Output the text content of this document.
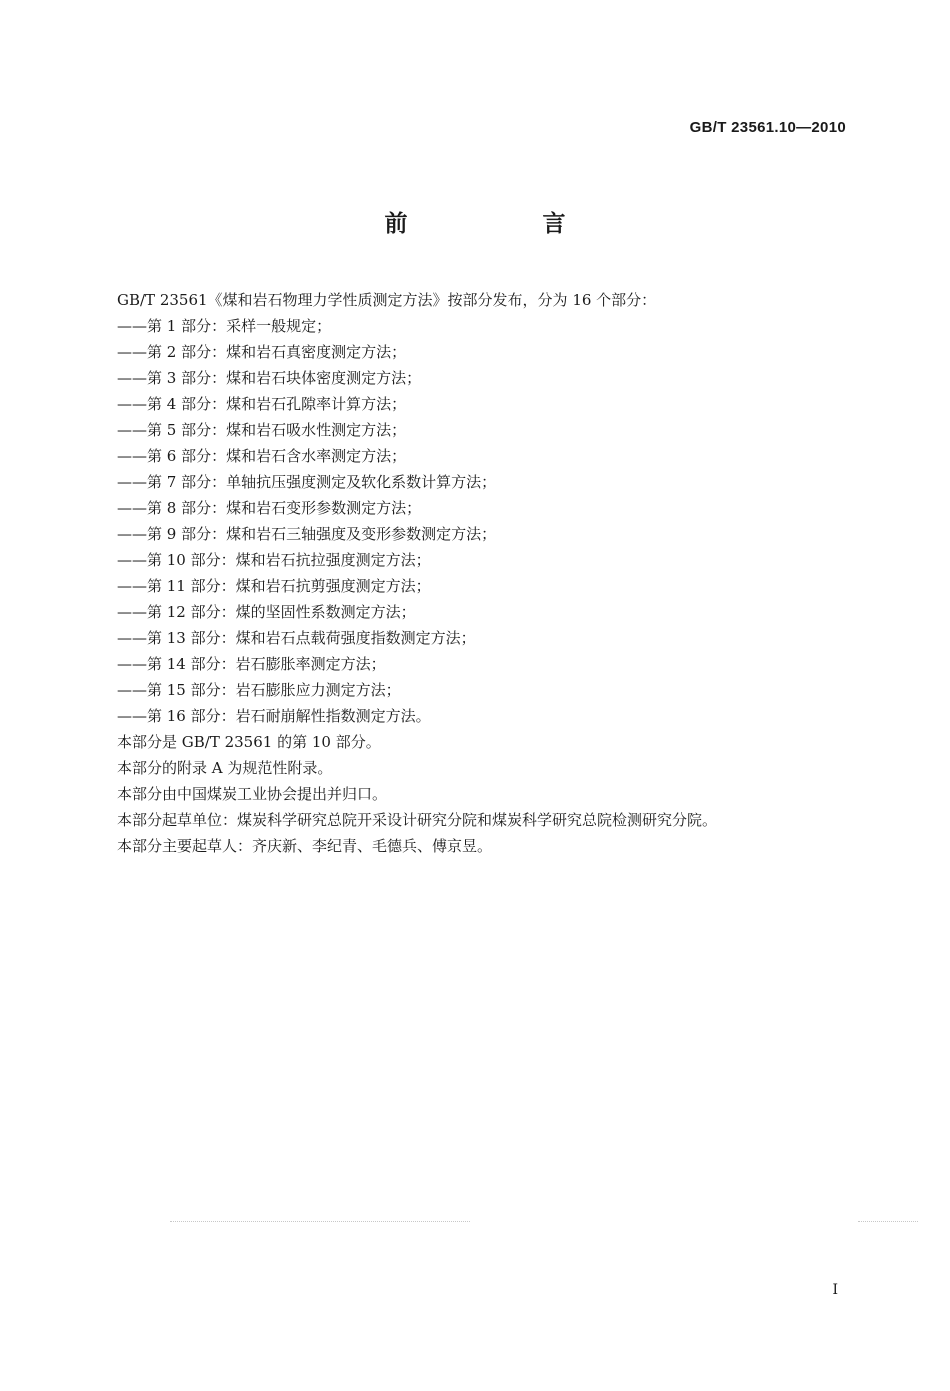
GB/T 23561.10—2010
前　言
GB/T 23561《煤和岩石物理力学性质测定方法》按部分发布，分为 16 个部分：
——第 1 部分：采样一般规定；
——第 2 部分：煤和岩石真密度测定方法；
——第 3 部分：煤和岩石块体密度测定方法；
——第 4 部分：煤和岩石孔隙率计算方法；
——第 5 部分：煤和岩石吸水性测定方法；
——第 6 部分：煤和岩石含水率测定方法；
——第 7 部分：单轴抗压强度测定及软化系数计算方法；
——第 8 部分：煤和岩石变形参数测定方法；
——第 9 部分：煤和岩石三轴强度及变形参数测定方法；
——第 10 部分：煤和岩石抗拉强度测定方法；
——第 11 部分：煤和岩石抗剪强度测定方法；
——第 12 部分：煤的坚固性系数测定方法；
——第 13 部分：煤和岩石点载荷强度指数测定方法；
——第 14 部分：岩石膨胀率测定方法；
——第 15 部分：岩石膨胀应力测定方法；
——第 16 部分：岩石耐崩解性指数测定方法。
本部分是 GB/T 23561 的第 10 部分。
本部分的附录 A 为规范性附录。
本部分由中国煤炭工业协会提出并归口。
本部分起草单位：煤炭科学研究总院开采设计研究分院和煤炭科学研究总院检测研究分院。
本部分主要起草人：齐庆新、李纪青、毛德兵、傅京昱。
I
